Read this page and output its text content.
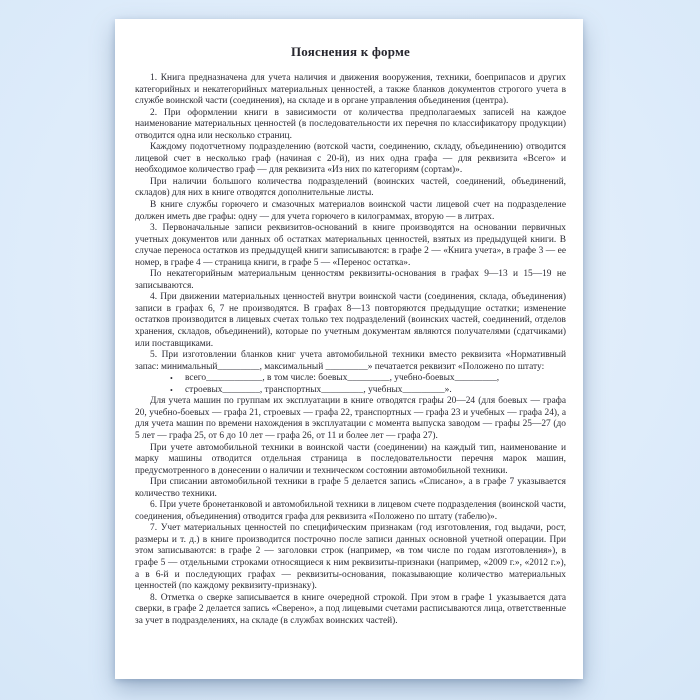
Пояснения к форме

1. Книга предназначена для учета наличия и движения вооружения, техники, боеприпасов и других категорийных и некатегорийных материальных ценностей, а также бланков документов строгого учета в службе воинской части (соединения), на складе и в органе управления объединения (центра).

2. При оформлении книги в зависимости от количества предполагаемых записей на каждое наименование материальных ценностей (в последовательности их перечня по классификатору продукции) отводится одна или несколько страниц.

Каждому подотчетному подразделению (вотской части, соединению, складу, объединению) отводится лицевой счет в несколько граф (начиная с 20-й), из них одна графа — для реквизита «Всего» и необходимое количество граф — для реквизита «Из них по категориям (сортам)».

При наличии большого количества подразделений (воинских частей, соединений, объединений, складов) для них в книге отводятся дополнительные листы.

В книге службы горючего и смазочных материалов воинской части лицевой счет на подразделение должен иметь две графы: одну — для учета горючего в килограммах, вторую — в литрах.

3. Первоначальные записи реквизитов-оснований в книге производятся на основании первичных учетных документов или данных об остатках материальных ценностей, взятых из предыдущей книги. В случае переноса остатков из предыдущей книги записываются: в графе 2 — «Книга учета», в графе 3 — ее номер, в графе 4 — страница книги, в графе 5 — «Перенос остатка».

По некатегорийным материальным ценностям реквизиты-основания в графах 9—13 и 15—19 не записываются.

4. При движении материальных ценностей внутри воинской части (соединения, склада, объединения) записи в графах 6, 7 не производятся. В графах 8—13 повторяются предыдущие остатки; изменение остатков производится в лицевых счетах только тех подразделений (воинских частей, соединений, отделов хранения, складов, объединений), которые по учетным документам являются получателями (сдатчиками) или поставщиками.

5. При изготовлении бланков книг учета автомобильной техники вместо реквизита «Нормативный запас: минимальный_________, максимальный _________» печатается реквизит «Положено по штату:

• всего____________, в том числе: боевых_________, учебно-боевых_________,
• строевых________, транспортных_________, учебных_________».

Для учета машин по группам их эксплуатации в книге отводятся графы 20—24 (для боевых — графа 20, учебно-боевых — графа 21, строевых — графа 22, транспортных — графа 23 и учебных — графа 24), а для учета машин по времени нахождения в эксплуатации с момента выпуска заводом — графы 25—27 (до 5 лет — графа 25, от 6 до 10 лет — графа 26, от 11 и более лет — графа 27).

При учете автомобильной техники в воинской части (соединении) на каждый тип, наименование и марку машины отводится отдельная страница в последовательности перечня марок машин, предусмотренного в донесении о наличии и техническом состоянии автомобильной техники.

При списании автомобильной техники в графе 5 делается запись «Списано», а в графе 7 указывается количество техники.

6. При учете бронетанковой и автомобильной техники в лицевом счете подразделения (воинской части, соединения, объединения) отводится графа для реквизита «Положено по штату (табелю)».

7. Учет материальных ценностей по специфическим признакам (год изготовления, год выдачи, рост, размеры и т. д.) в книге производится построчно после записи данных основной учетной операции. При этом записываются: в графе 2 — заголовки строк (например, «в том числе по годам изготовления»), в графе 5 — отдельными строками относящиеся к ним реквизиты-признаки (например, «2009 г.», «2012 г.»), а в 6-й и последующих графах — реквизиты-основания, показывающие количество материальных ценностей (по каждому реквизиту-признаку).

8. Отметка о сверке записывается в книге очередной строкой. При этом в графе 1 указывается дата сверки, в графе 2 делается запись «Сверено», а под лицевыми счетами расписываются лица, ответственные за учет в подразделениях, на складе (в службах воинских частей).
